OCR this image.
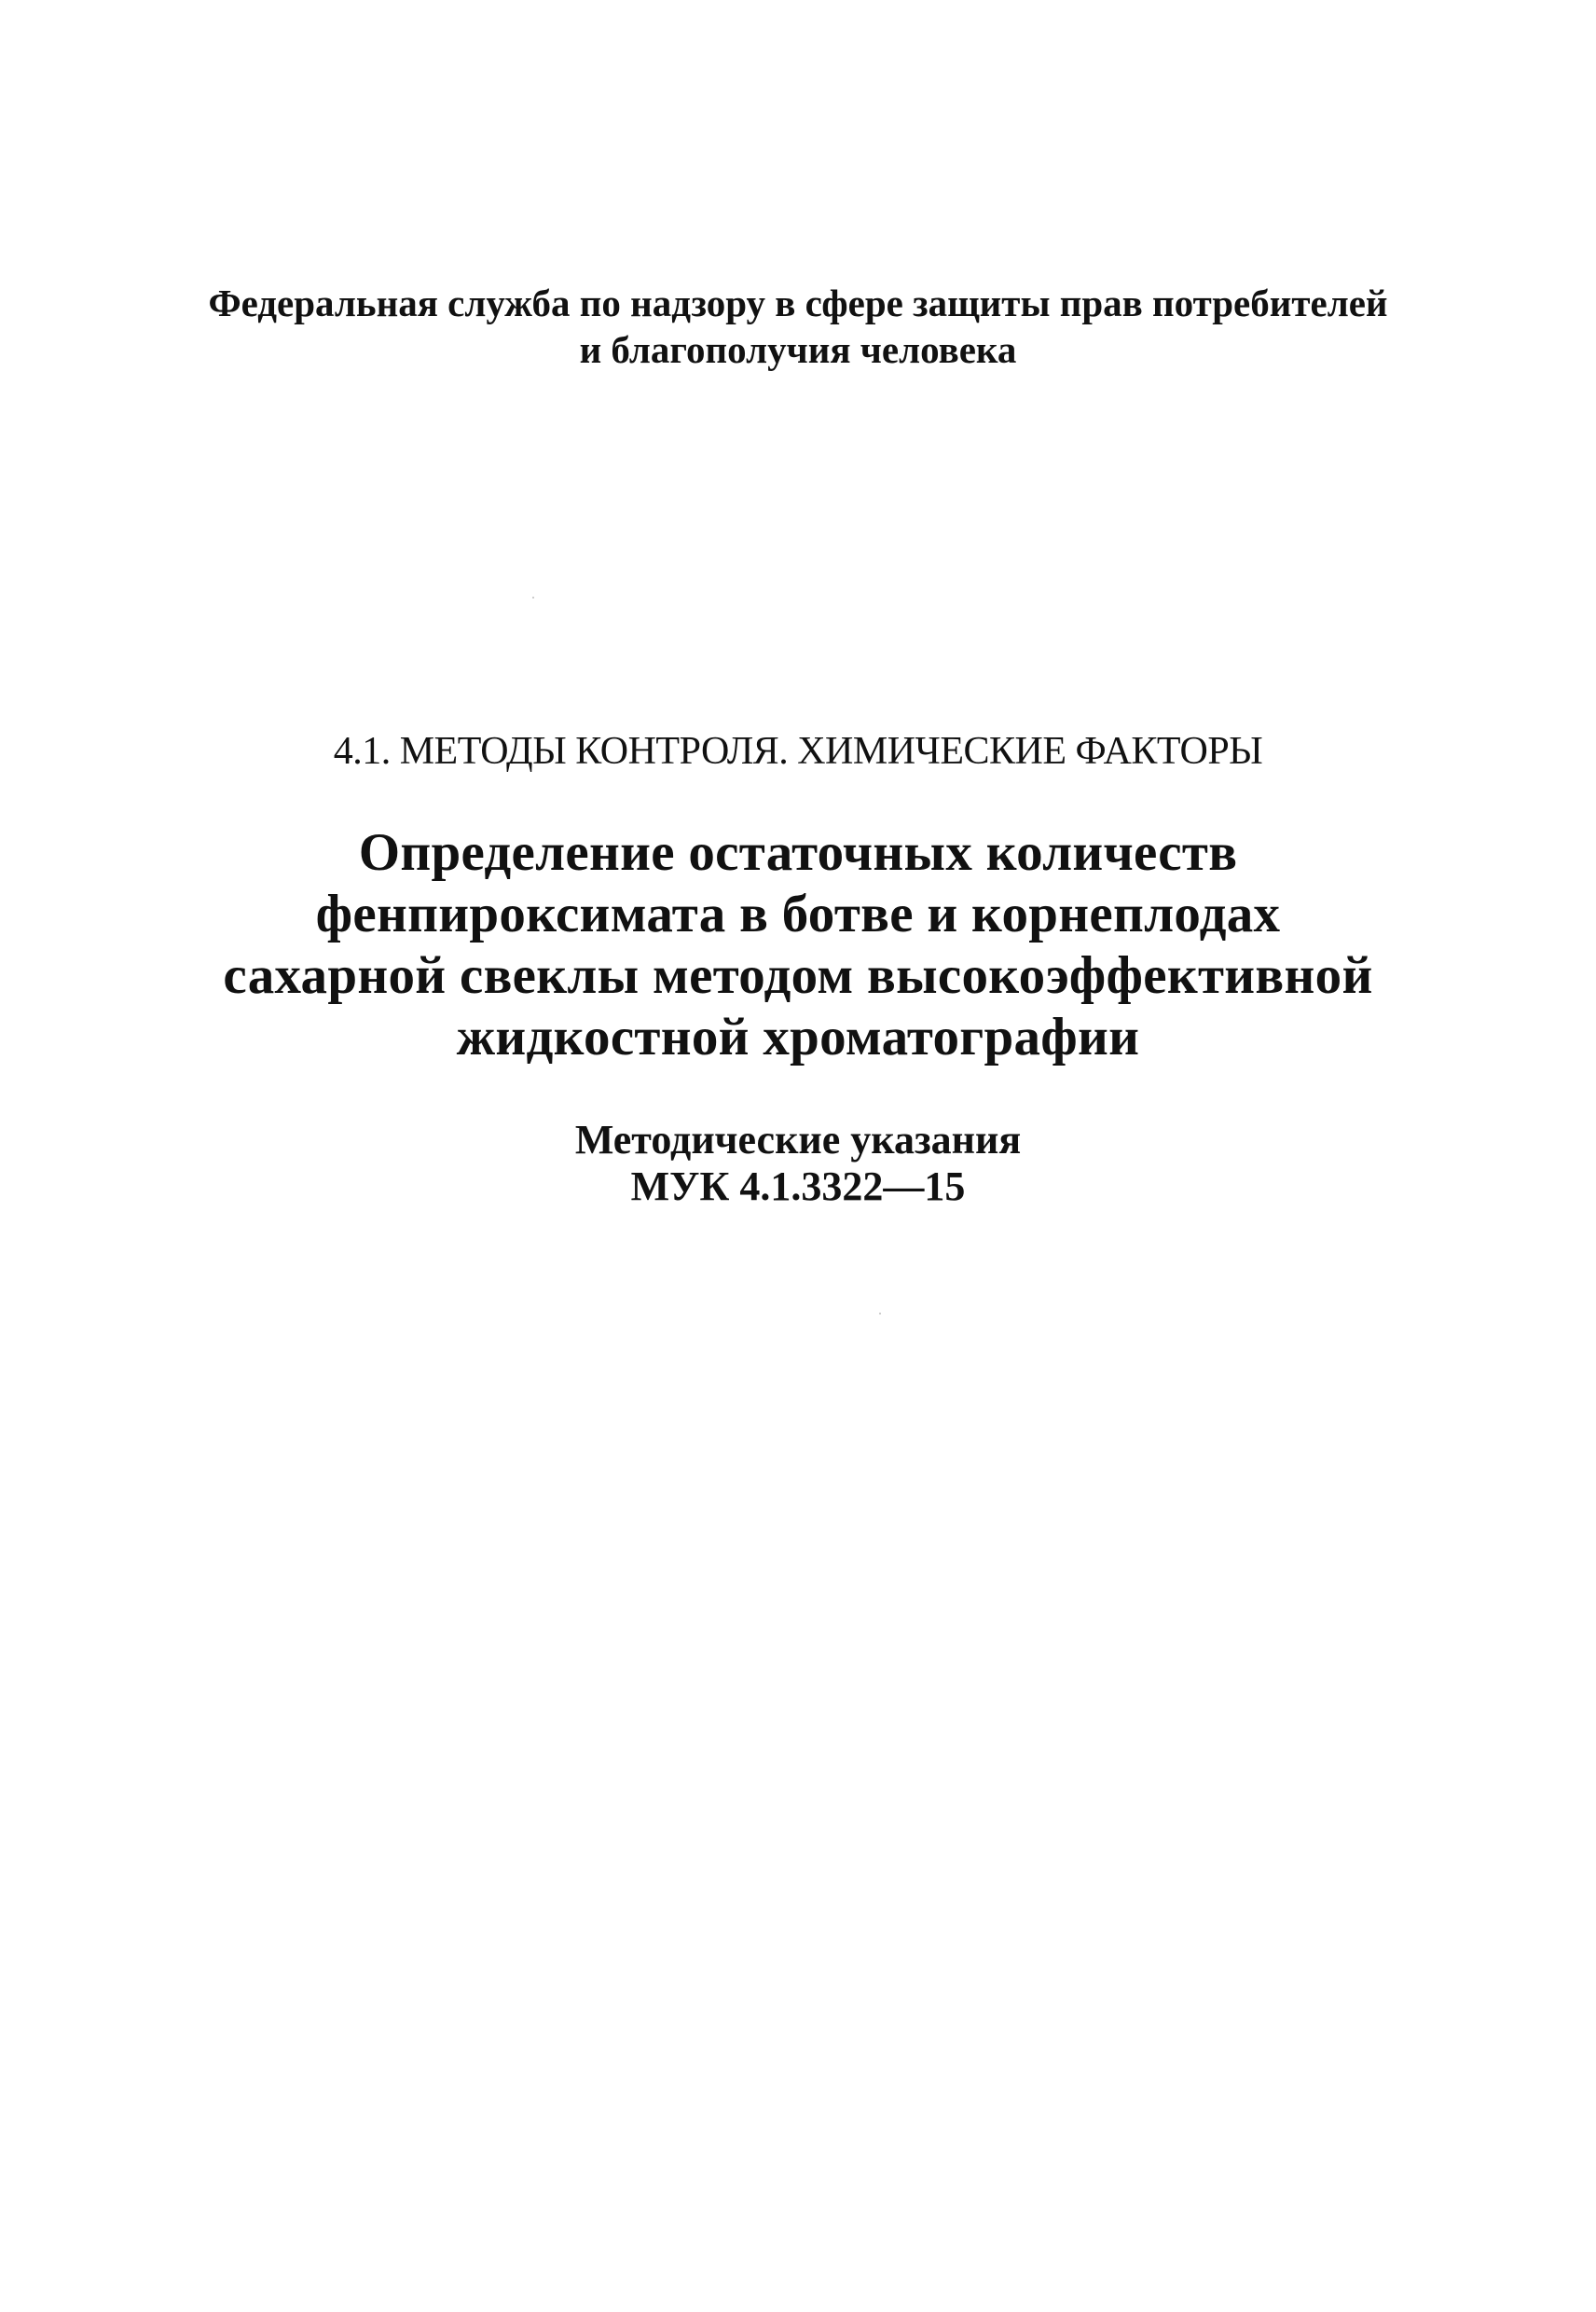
Федеральная служба по надзору в сфере защиты прав потребителей
и благополучия человека
4.1. МЕТОДЫ КОНТРОЛЯ. ХИМИЧЕСКИЕ ФАКТОРЫ
Определение остаточных количеств
фенпироксимата в ботве и корнеплодах
сахарной свеклы методом высокоэффективной
жидкостной хроматографии
Методические указания
МУК 4.1.3322—15
